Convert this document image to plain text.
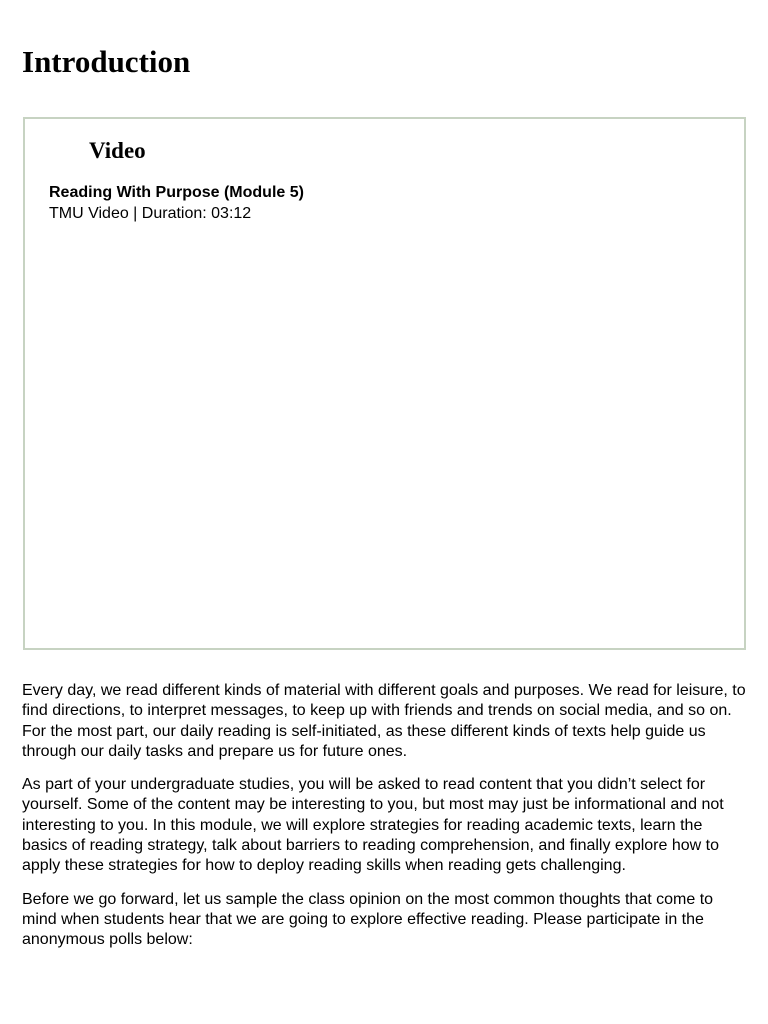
Introduction
Video
Reading With Purpose (Module 5)
TMU Video | Duration: 03:12

Every day, we read different kinds of material with different goals and purposes. We read for leisure, to find directions, to interpret messages, to keep up with friends and trends on social media, and so on. For the most part, our daily reading is self-initiated, as these different kinds of texts help guide us through our daily tasks and prepare us for future ones.

As part of your undergraduate studies, you will be asked to read content that you didn’t select for yourself. Some of the content may be interesting to you, but most may just be informational and not interesting to you. In this module, we will explore strategies for reading academic texts, learn the basics of reading strategy, talk about barriers to reading comprehension, and finally explore how to apply these strategies for how to deploy reading skills when reading gets challenging.

Before we go forward, let us sample the class opinion on the most common thoughts that come to mind when students hear that we are going to explore effective reading. Please participate in the anonymous polls below:
